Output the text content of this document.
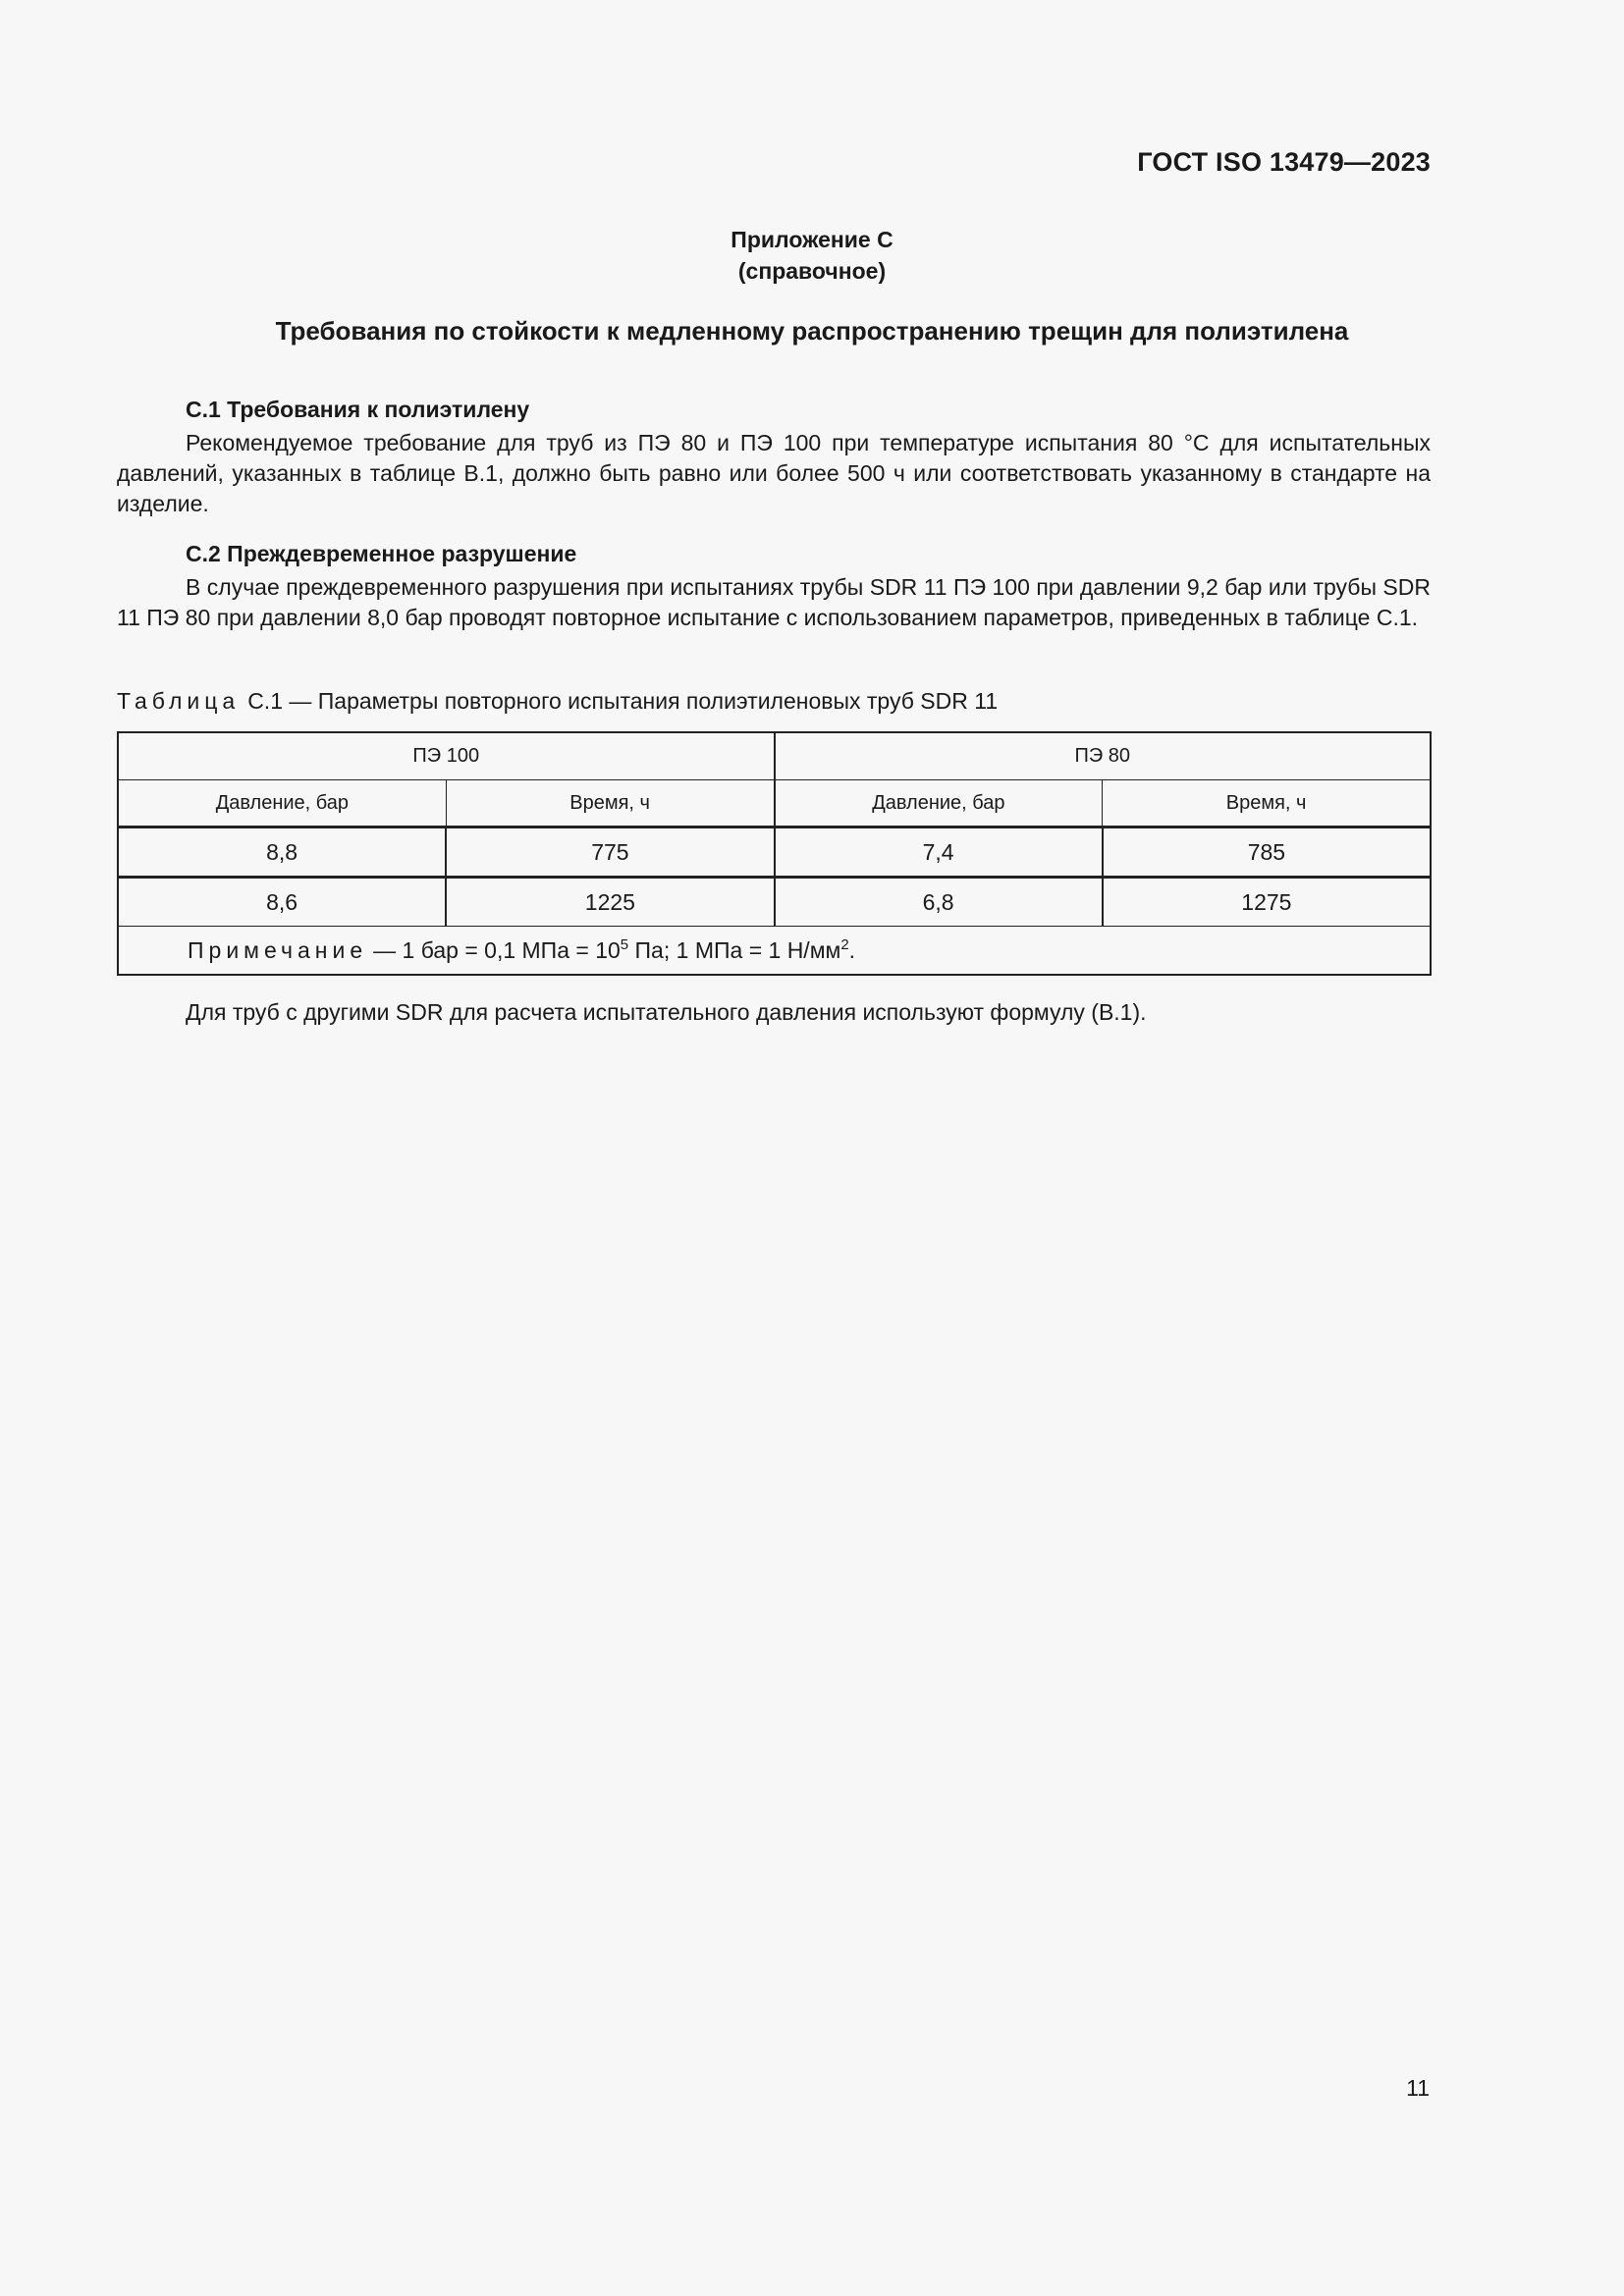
ГОСТ ISO 13479—2023
Приложение С
(справочное)
Требования по стойкости к медленному распространению трещин для полиэтилена
С.1 Требования к полиэтилену

Рекомендуемое требование для труб из ПЭ 80 и ПЭ 100 при температуре испытания 80 °С для испытательных давлений, указанных в таблице В.1, должно быть равно или более 500 ч или соответствовать указанному в стандарте на изделие.

С.2 Преждевременное разрушение

В случае преждевременного разрушения при испытаниях трубы SDR 11 ПЭ 100 при давлении 9,2 бар или трубы SDR 11 ПЭ 80 при давлении 8,0 бар проводят повторное испытание с использованием параметров, приведенных в таблице С.1.

Таблица С.1 — Параметры повторного испытания полиэтиленовых труб SDR 11
ПЭ 100		ПЭ 80	
Давление, бар	Время, ч	Давление, бар	Время, ч
8,8	775	7,4	785
8,6	1225	6,8	1275
Примечание — 1 бар = 0,1 МПа = $10^5$ Па; 1 МПа = 1 $Н/мм^2$.			
Для труб с другими SDR для расчета испытательного давления используют формулу (В.1).
11
